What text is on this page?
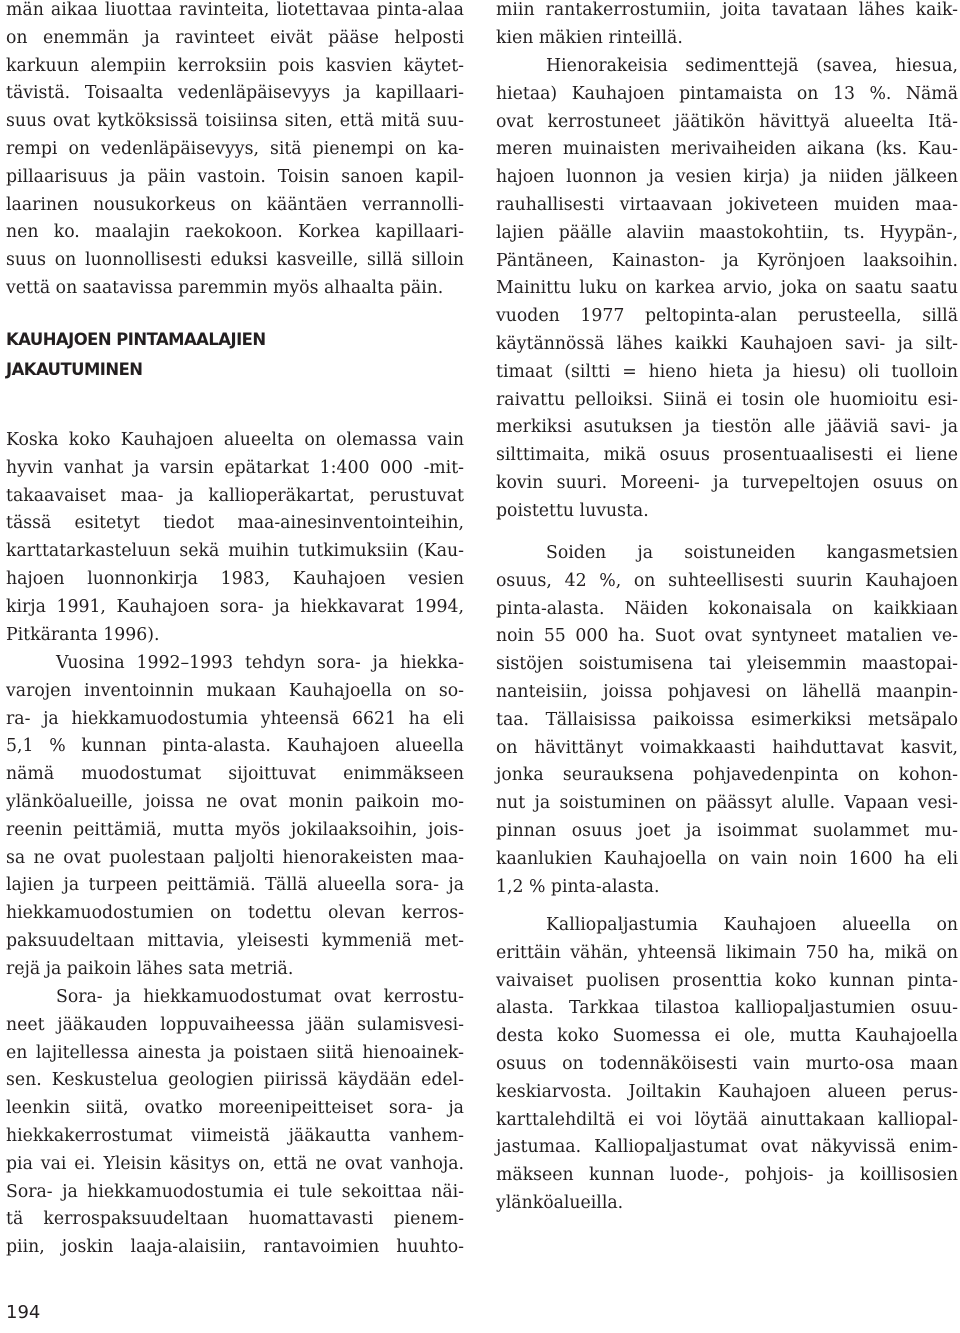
män aikaa liuottaa ravinteita, liotettavaa pinta-alaa
on enemmän ja ravinteet eivät pääse helposti
karkuun alempiin kerroksiin pois kasvien käytet-
tävistä. Toisaalta vedenläpäisevyys ja kapillaari-
suus ovat kytköksissä toisiinsa siten, että mitä suu-
rempi on vedenläpäisevyys, sitä pienempi on ka-
pillaarisuus ja päin vastoin. Toisin sanoen kapil-
laarinen nousukorkeus on kääntäen verrannolli-
nen ko. maalajin raekokoon. Korkea kapillaari-
suus on luonnollisesti eduksi kasveille, sillä silloin
vettä on saatavissa paremmin myös alhaalta päin.
KAUHAJOEN PINTAMAALAJIEN
JAKAUTUMINEN
Koska koko Kauhajoen alueelta on olemassa vain
hyvin vanhat ja varsin epätarkat 1:400 000 -mit-
takaavaiset maa- ja kallioperäkartat, perustuvat
tässä esitetyt tiedot maa-ainesinventointeihin,
karttatarkasteluun sekä muihin tutkimuksiin (Kau-
hajoen luonnonkirja 1983, Kauhajoen vesien
kirja 1991, Kauhajoen sora- ja hiekkavarat 1994,
Pitkäranta 1996).
Vuosina 1992–1993 tehdyn sora- ja hiekka-
varojen inventoinnin mukaan Kauhajoella on so-
ra- ja hiekkamuodostumia yhteensä 6621 ha eli
5,1 % kunnan pinta-alasta. Kauhajoen alueella
nämä muodostumat sijoittuvat enimmäkseen
ylänköalueille, joissa ne ovat monin paikoin mo-
reenin peittämiä, mutta myös jokilaaksoihin, jois-
sa ne ovat puolestaan paljolti hienorakeisten maa-
lajien ja turpeen peittämiä. Tällä alueella sora- ja
hiekkamuodostumien on todettu olevan kerros-
paksuudeltaan mittavia, yleisesti kymmeniä met-
rejä ja paikoin lähes sata metriä.
Sora- ja hiekkamuodostumat ovat kerrostu-
neet jääkauden loppuvaiheessa jään sulamisvesi-
en lajitellessa ainesta ja poistaen siitä hienoainek-
sen. Keskustelua geologien piirissä käydään edel-
leenkin siitä, ovatko moreenipeitteiset sora- ja
hiekkakerrostumat viimeistä jääkautta vanhem-
pia vai ei. Yleisin käsitys on, että ne ovat vanhoja.
Sora- ja hiekkamuodostumia ei tule sekoittaa näi-
tä kerrospaksuudeltaan huomattavasti pienem-
piin, joskin laaja-alaisiin, rantavoimien huuhto-
miin rantakerrostumiin, joita tavataan lähes kaik-
kien mäkien rinteillä.
Hienorakeisia sedimenttejä (savea, hiesua,
hietaa) Kauhajoen pintamaista on 13 %. Nämä
ovat kerrostuneet jäätikön hävittyä alueelta Itä-
meren muinaisten merivaiheiden aikana (ks. Kau-
hajoen luonnon ja vesien kirja) ja niiden jälkeen
rauhallisesti virtaavaan jokiveteen muiden maa-
lajien päälle alaviin maastokohtiin, ts. Hyypän-,
Päntäneen, Kainaston- ja Kyrönjoen laaksoihin.
Mainittu luku on karkea arvio, joka on saatu saatu
vuoden 1977 peltopinta-alan perusteella, sillä
käytännössä lähes kaikki Kauhajoen savi- ja silt-
timaat (siltti = hieno hieta ja hiesu) oli tuolloin
raivattu pelloiksi. Siinä ei tosin ole huomioitu esi-
merkiksi asutuksen ja tiestön alle jääviä savi- ja
silttimaita, mikä osuus prosentuaalisesti ei liene
kovin suuri. Moreeni- ja turvepeltojen osuus on
poistettu luvusta.
Soiden ja soistuneiden kangasmetsien
osuus, 42 %, on suhteellisesti suurin Kauhajoen
pinta-alasta. Näiden kokonaisala on kaikkiaan
noin 55 000 ha. Suot ovat syntyneet matalien ve-
sistöjen soistumisena tai yleisemmin maastopai-
nanteisiin, joissa pohjavesi on lähellä maanpin-
taa. Tällaisissa paikoissa esimerkiksi metsäpalo
on hävittänyt voimakkaasti haihduttavat kasvit,
jonka seurauksena pohjavedenpinta on kohon-
nut ja soistuminen on päässyt alulle. Vapaan vesi-
pinnan osuus joet ja isoimmat suolammet mu-
kaanlukien Kauhajoella on vain noin 1600 ha eli
1,2 % pinta-alasta.
Kalliopaljastumia Kauhajoen alueella on
erittäin vähän, yhteensä likimain 750 ha, mikä on
vaivaiset puolisen prosenttia koko kunnan pinta-
alasta. Tarkkaa tilastoa kalliopaljastumien osuu-
desta koko Suomessa ei ole, mutta Kauhajoella
osuus on todennäköisesti vain murto-osa maan
keskiarvosta. Joiltakin Kauhajoen alueen perus-
karttalehdiltä ei voi löytää ainuttakaan kalliopal-
jastumaa. Kalliopaljastumat ovat näkyvissä enim-
mäkseen kunnan luode-, pohjois- ja koillisosien
ylänköalueilla.
194
